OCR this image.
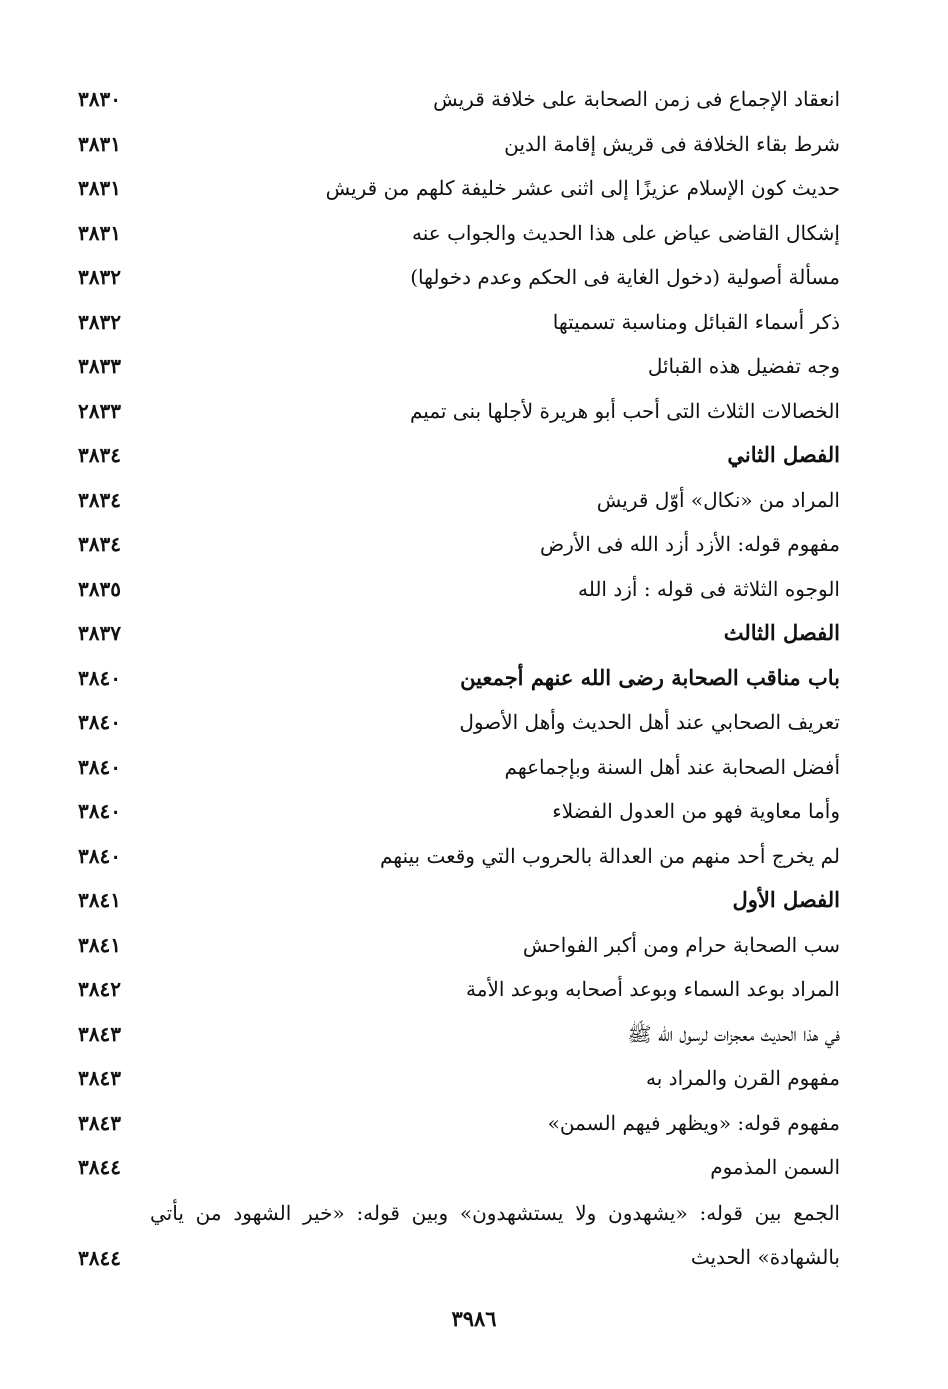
انعقاد الإجماع فى زمن الصحابة على خلافة قريش
٣٨٣٠
شرط بقاء الخلافة فى قريش إقامة الدين
٣٨٣١
حديث كون الإسلام عزيزًا إلى اثنى عشر خليفة كلهم من قريش
٣٨٣١
إشكال القاضى عياض على هذا الحديث والجواب عنه
٣٨٣١
مسألة أصولية (دخول الغاية فى الحكم وعدم دخولها)
٣٨٣٢
ذكر أسماء القبائل ومناسبة تسميتها
٣٨٣٢
وجه تفضيل هذه القبائل
٣٨٣٣
الخصالات الثلاث التى أحب أبو هريرة لأجلها بنى تميم
٢٨٣٣
الفصل الثاني
٣٨٣٤
المراد من «نكال» أوّل قريش
٣٨٣٤
مفهوم قوله: الأزد أزد الله فى الأرض
٣٨٣٤
الوجوه الثلاثة فى قوله : أزد الله
٣٨٣٥
الفصل الثالث
٣٨٣٧
باب مناقب الصحابة رضى الله عنهم أجمعين
٣٨٤٠
تعريف الصحابي عند أهل الحديث وأهل الأصول
٣٨٤٠
أفضل الصحابة عند أهل السنة وبإجماعهم
٣٨٤٠
وأما معاوية فهو من العدول الفضلاء
٣٨٤٠
لم يخرج أحد منهم من العدالة بالحروب التي وقعت بينهم
٣٨٤٠
الفصل الأول
٣٨٤١
سب الصحابة حرام ومن أكبر الفواحش
٣٨٤١
المراد بوعد السماء وبوعد أصحابه وبوعد الأمة
٣٨٤٢
في هذا الحديث معجزات لرسول الله ﷺ
٣٨٤٣
مفهوم القرن والمراد به
٣٨٤٣
مفهوم قوله: «ويظهر فيهم السمن»
٣٨٤٣
السمن المذموم
٣٨٤٤
الجمع بين قوله: «يشهدون ولا يستشهدون» وبين قوله: «خير الشهود من يأتي بالشهادة» الحديث
٣٨٤٤
٣٩٨٦
